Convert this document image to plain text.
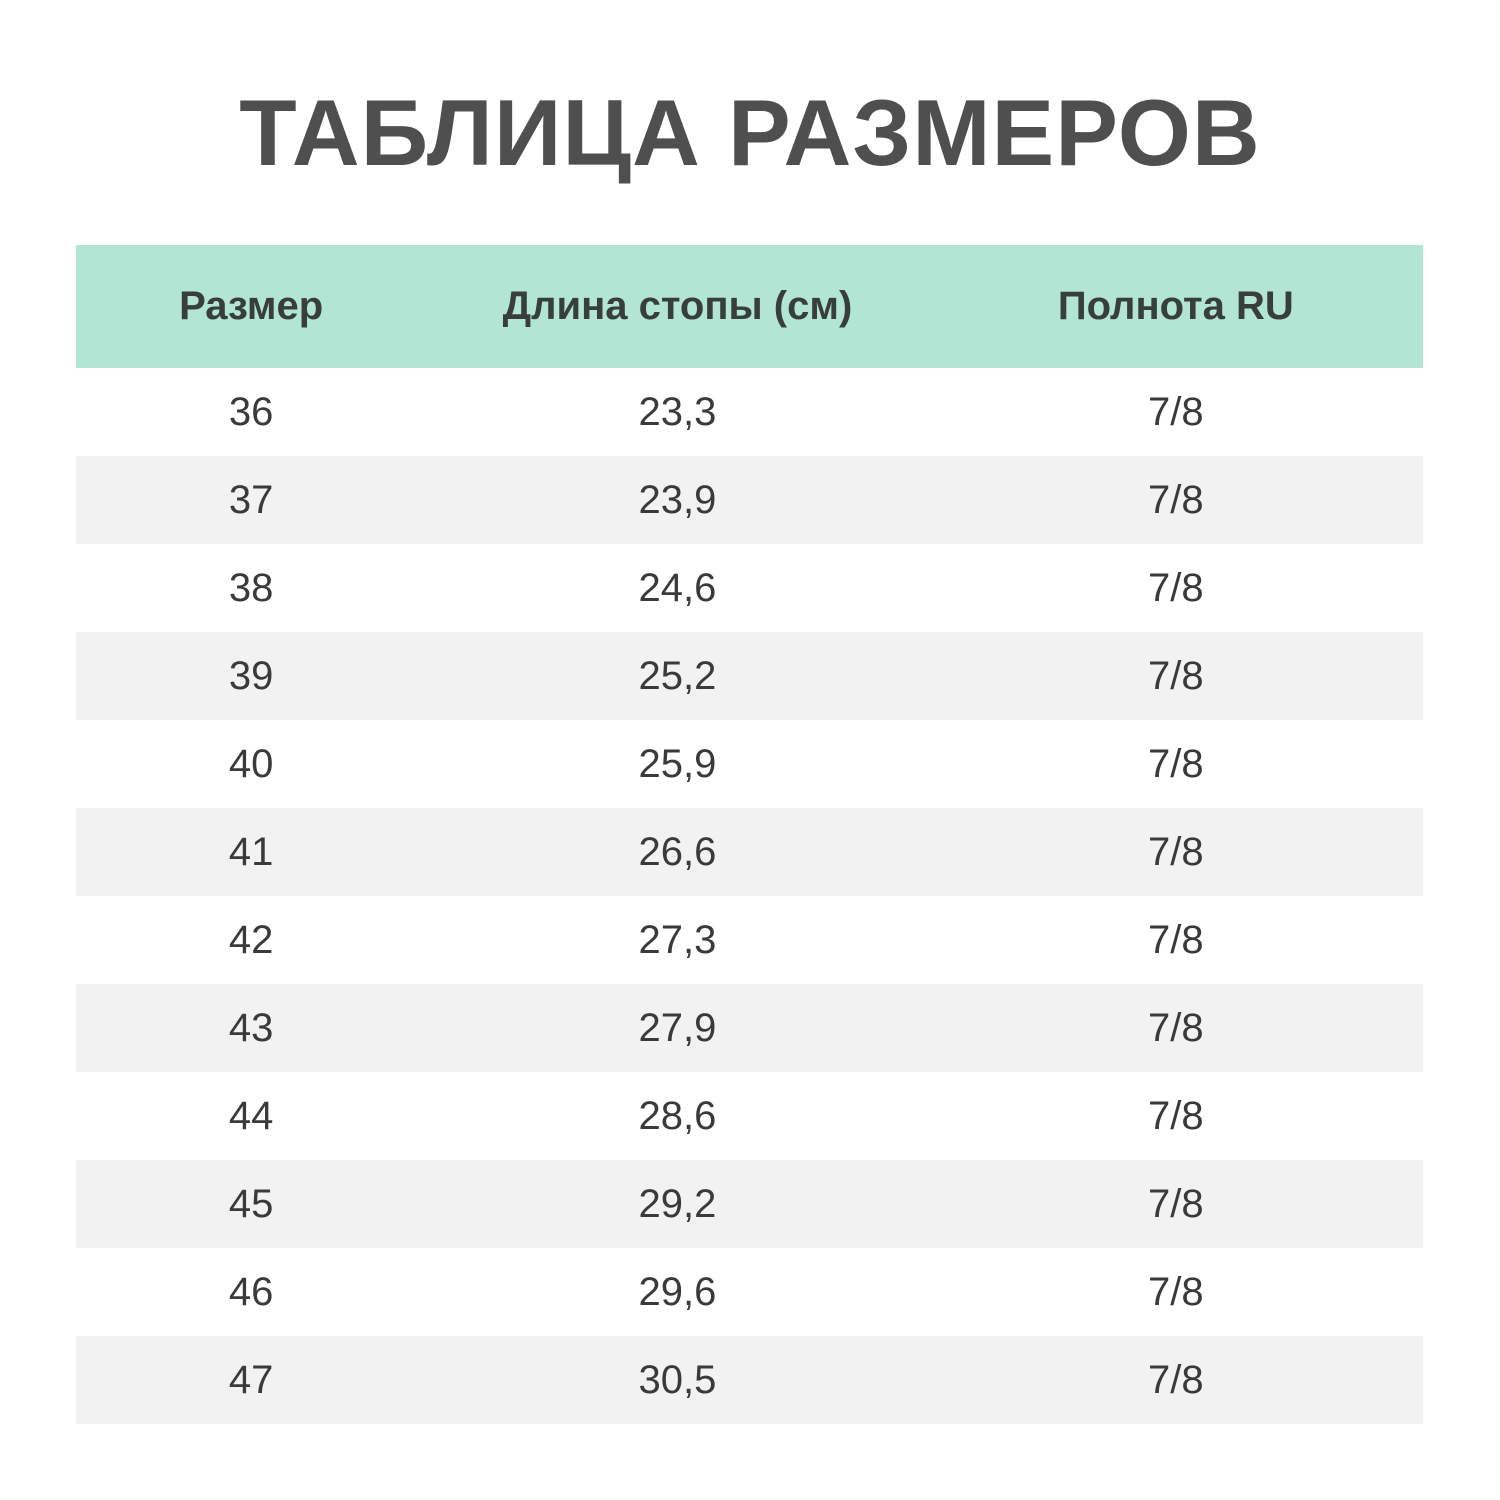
ТАБЛИЦА РАЗМЕРОВ
Размер	Длина стопы (см)	Полнота RU
36	23,3	7/8
37	23,9	7/8
38	24,6	7/8
39	25,2	7/8
40	25,9	7/8
41	26,6	7/8
42	27,3	7/8
43	27,9	7/8
44	28,6	7/8
45	29,2	7/8
46	29,6	7/8
47	30,5	7/8
